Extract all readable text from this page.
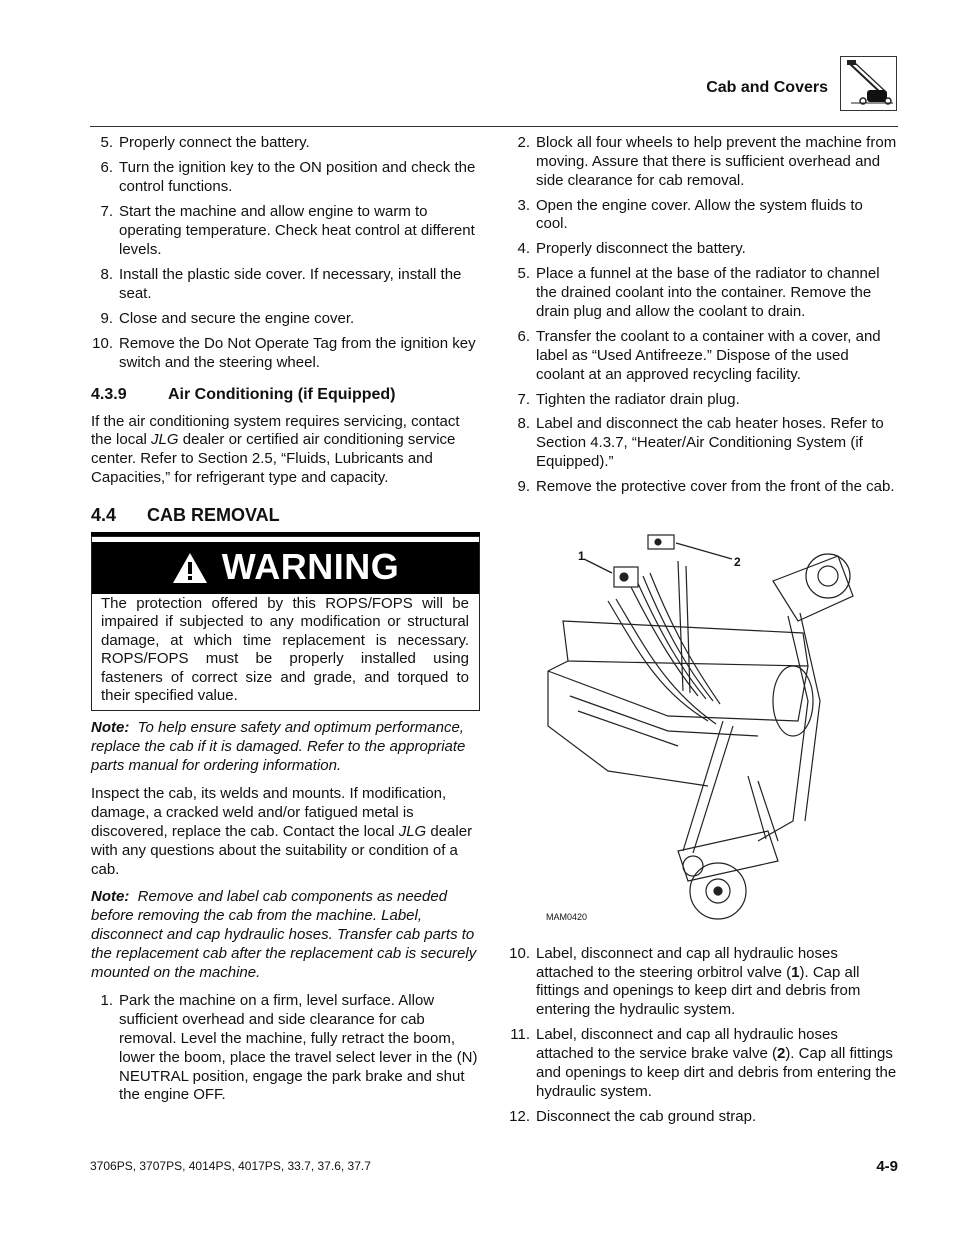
Cab and Covers
5. Properly connect the battery.
6. Turn the ignition key to the ON position and check the control functions.
7. Start the machine and allow engine to warm to operating temperature. Check heat control at different levels.
8. Install the plastic side cover. If necessary, install the seat.
9. Close and secure the engine cover.
10. Remove the Do Not Operate Tag from the ignition key switch and the steering wheel.
4.3.9	Air Conditioning (if Equipped)

If the air conditioning system requires servicing, contact the local JLG dealer or certified air conditioning service center. Refer to Section 2.5, “Fluids, Lubricants and Capacities,” for refrigerant type and capacity.

4.4 CAB REMOVAL
WARNING
The protection offered by this ROPS/FOPS will be impaired if subjected to any modification or structural damage, at which time replacement is necessary. ROPS/FOPS must be properly installed using fasteners of correct size and grade, and torqued to their specified value.

Note: To help ensure safety and optimum performance, replace the cab if it is damaged. Refer to the appropriate parts manual for ordering information.

Inspect the cab, its welds and mounts. If modification, damage, a cracked weld and/or fatigued metal is discovered, replace the cab. Contact the local JLG dealer with any questions about the suitability or condition of a cab.

Note: Remove and label cab components as needed before removing the cab from the machine. Label, disconnect and cap hydraulic hoses. Transfer cab parts to the replacement cab after the replacement cab is securely mounted on the machine.

1. Park the machine on a firm, level surface. Allow sufficient overhead and side clearance for cab removal. Level the machine, fully retract the boom, lower the boom, place the travel select lever in the (N) NEUTRAL position, engage the park brake and shut the engine OFF.
2. Block all four wheels to help prevent the machine from moving. Assure that there is sufficient overhead and side clearance for cab removal.
3. Open the engine cover. Allow the system fluids to cool.
4. Properly disconnect the battery.
5. Place a funnel at the base of the radiator to channel the drained coolant into the container. Remove the drain plug and allow the coolant to drain.
6. Transfer the coolant to a container with a cover, and label as “Used Antifreeze.” Dispose of the used coolant at an approved recycling facility.
7. Tighten the radiator drain plug.
8. Label and disconnect the cab heater hoses. Refer to Section 4.3.7, “Heater/Air Conditioning System (if Equipped).”
9. Remove the protective cover from the front of the cab.
1	2
MAM0420
10. Label, disconnect and cap all hydraulic hoses attached to the steering orbitrol valve (1). Cap all fittings and openings to keep dirt and debris from entering the hydraulic system.
11. Label, disconnect and cap all hydraulic hoses attached to the service brake valve (2). Cap all fittings and openings to keep dirt and debris from entering the hydraulic system.
12. Disconnect the cab ground strap.
3706PS, 3707PS, 4014PS, 4017PS, 33.7, 37.6, 37.7	4-9
